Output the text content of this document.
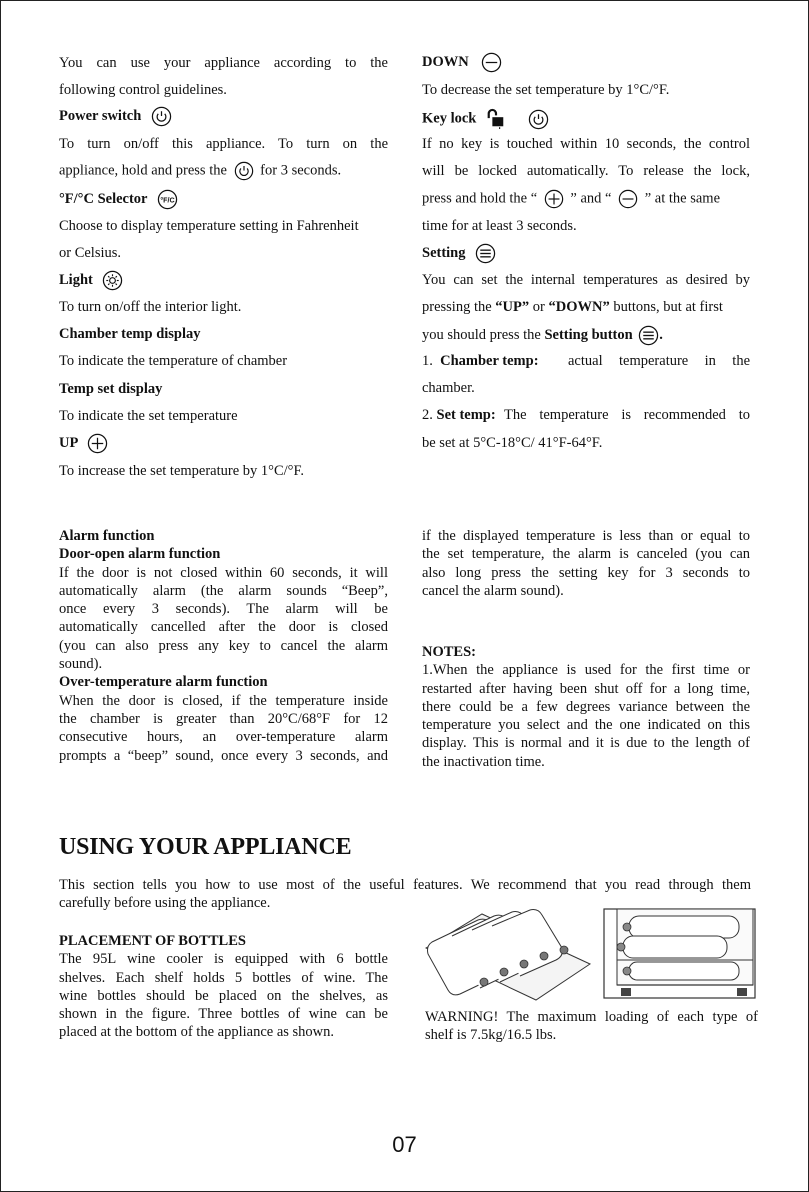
You can use your appliance according to the
following control guidelines.
Power switch
To turn on/off this appliance. To turn on the
appliance, hold and press the for 3 seconds.
°F/°C Selector °F/C
Choose to display temperature setting in Fahrenheit
or Celsius.
Light
To turn on/off the interior light.
Chamber temp display
To indicate the temperature of chamber
Temp set display
To indicate the set temperature
UP
To increase the set temperature by 1°C/°F.
DOWN
To decrease the set temperature by 1°C/°F.
Key lock
If no key is touched within 10 seconds, the control
will be locked automatically. To release the lock,
press and hold the “ ” and “ ” at the same
time for at least 3 seconds.
Setting
You can set the internal temperatures as desired by
pressing the “UP” or “DOWN” buttons, but at first
you should press the Setting button .
1. Chamber temp: actual temperature in the
chamber.
2. Set temp: The temperature is recommended to
be set at 5°C-18°C/ 41°F-64°F.
Alarm function
Door-open alarm function
If the door is not closed within 60 seconds, it will
automatically alarm (the alarm sounds “Beep”,
once every 3 seconds). The alarm will be
automatically cancelled after the door is closed
(you can also press any key to cancel the alarm
sound).
Over-temperature alarm function
When the door is closed, if the temperature inside
the chamber is greater than 20°C/68°F for 12
consecutive hours, an over-temperature alarm
prompts a “beep” sound, once every 3 seconds, and
if the displayed temperature is less than or equal to
the set temperature, the alarm is canceled (you can
also long press the setting key for 3 seconds to
cancel the alarm sound).
NOTES:
1.When the appliance is used for the first time or
restarted after having been shut off for a long time,
there could be a few degrees variance between the
temperature you select and the one indicated on this
display. This is normal and it is due to the length of
the inactivation time.
USING YOUR APPLIANCE
This section tells you how to use most of the useful features. We recommend that you read through them
carefully before using the appliance.
PLACEMENT OF BOTTLES
The 95L wine cooler is equipped with 6 bottle
shelves. Each shelf holds 5 bottles of wine. The
wine bottles should be placed on the shelves, as
shown in the figure. Three bottles of wine can be
placed at the bottom of the appliance as shown.
WARNING! The maximum loading of each type of
shelf is 7.5kg/16.5 lbs.
07
